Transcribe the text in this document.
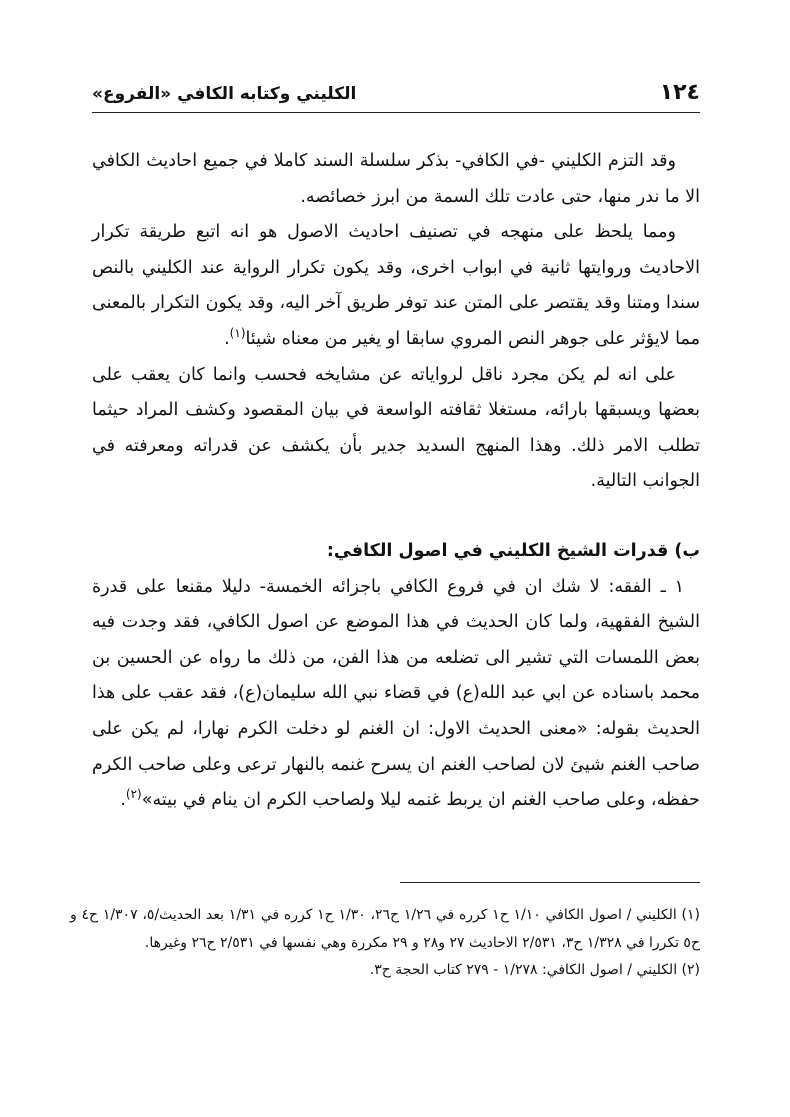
١٢٤
الكليني وكتابه الكافي «الفروع»

وقد التزم الكليني -في الكافي- بذكر سلسلة السند كاملا في جميع احاديث الكافي الا ما ندر منها، حتى عادت تلك السمة من ابرز خصائصه.

ومما يلحظ على منهجه في تصنيف احاديث الاصول هو انه اتبع طريقة تكرار الاحاديث وروايتها ثانية في ابواب اخرى، وقد يكون تكرار الرواية عند الكليني بالنص سندا ومتنا وقد يقتصر على المتن عند توفر طريق آخر اليه، وقد يكون التكرار بالمعنى مما لايؤثر على جوهر النص المروي سابقا او يغير من معناه شيئا$^{(١)}$.

على انه لم يكن مجرد ناقل لرواياته عن مشايخه فحسب وانما كان يعقب على بعضها ويسبقها بارائه، مستغلا ثقافته الواسعة في بيان المقصود وكشف المراد حيثما تطلب الامر ذلك. وهذا المنهج السديد جدير بأن يكشف عن قدراته ومعرفته في الجوانب التالية.

ب) قدرات الشيخ الكليني في اصول الكافي:

١ ـ الفقه: لا شك ان في فروع الكافي باجزائه الخمسة- دليلا مقنعا على قدرة الشيخ الفقهية، ولما كان الحديث في هذا الموضع عن اصول الكافي، فقد وجدت فيه بعض اللمسات التي تشير الى تضلعه من هذا الفن، من ذلك ما رواه عن الحسين بن محمد باسناده عن ابي عبد الله(ع) في قضاء نبي الله سليمان(ع)، فقد عقب على هذا الحديث بقوله: «معنى الحديث الاول: ان الغنم لو دخلت الكرم نهارا، لم يكن على صاحب الغنم شيئ لان لصاحب الغنم ان يسرح غنمه بالنهار ترعى وعلى صاحب الكرم حفظه، وعلى صاحب الغنم ان يربط غنمه ليلا ولصاحب الكرم ان ينام في بيته»$^{(٢)}$.

(١) الكليني / اصول الكافي ١/١٠ ح١ كرره في ١/٢٦ ح٢٦، ١/٣٠ ح١ كرره في ١/٣١ بعد الحديث/٥، ١/٣٠٧ ح٤ و ح٥ تكررا في ١/٣٢٨ ح٣، ٢/٥٣١ الاحاديث ٢٧ و٢٨ و ٢٩ مكررة وهي نفسها في ٢/٥٣١ ح٢٦ وغيرها.

(٢) الكليني / اصول الكافي: ١/٢٧٨ - ٢٧٩ كتاب الحجة ح٣.
